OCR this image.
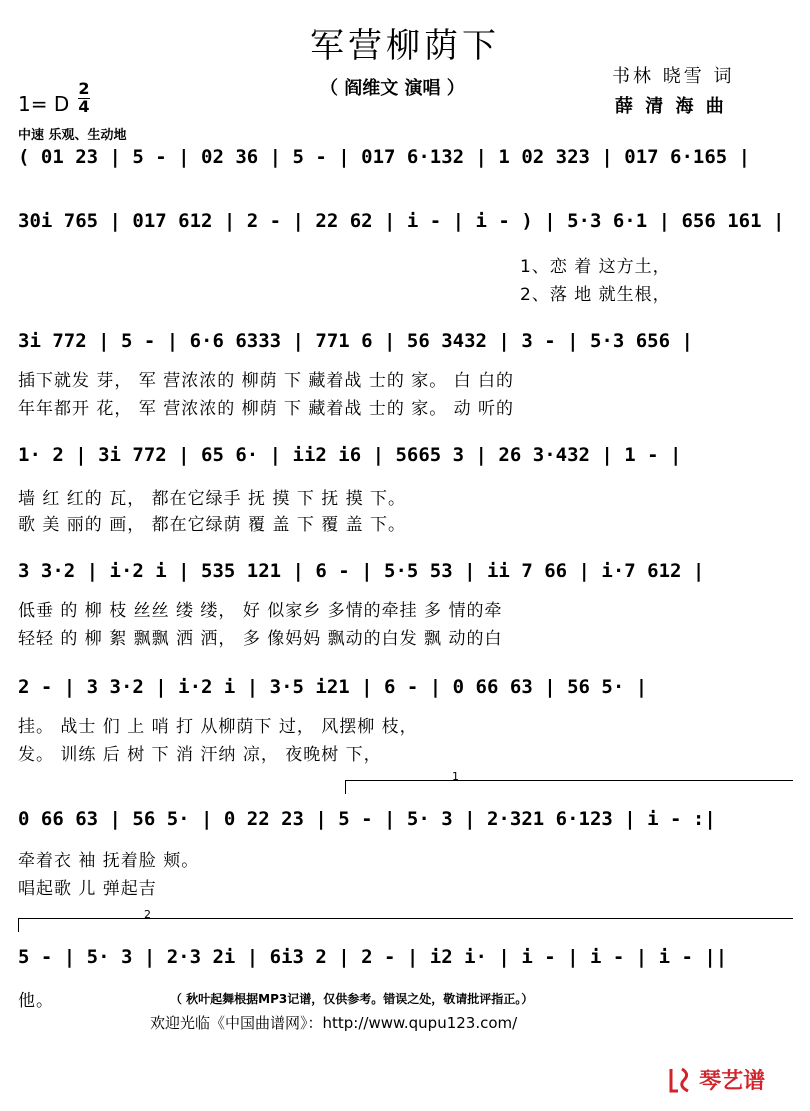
军营柳荫下
（ 阎维文 演唱 ）
书林 晓雪 词
薛 清 海 曲
1= D
2
4
中速 乐观、生动地
( 01 23 | 5 - | 02 36 | 5 - | 017 6·132 | 1 02 323 | 017 6·165 |
30i 765 | 017 612 | 2 - | 22 62 | i - | i - ) | 5·3 6·1 | 656 161 |
1、恋 着 这方土，
2、落 地 就生根，
3i 772 | 5 - | 6·6 6333 | 771 6 | 56 3432 | 3 - | 5·3 656 |
插下就发 芽， 军 营浓浓的 柳荫 下 藏着战 士的 家。 白 白的
年年都开 花， 军 营浓浓的 柳荫 下 藏着战 士的 家。 动 听的
1· 2 | 3i 772 | 65 6· | ii2 i6 | 5665 3 | 26 3·432 | 1 - |
墙 红 红的 瓦， 都在它绿手 抚 摸 下 抚 摸 下。
歌 美 丽的 画， 都在它绿荫 覆 盖 下 覆 盖 下。
3 3·2 | i·2 i | 535 121 | 6 - | 5·5 53 | ii 7 66 | i·7 612 |
低垂 的 柳 枝 丝丝 缕 缕， 好 似家乡 多情的牵挂 多 情的牵
轻轻 的 柳 絮 飘飘 洒 洒， 多 像妈妈 飘动的白发 飘 动的白
2 - | 3 3·2 | i·2 i | 3·5 i21 | 6 - | 0 66 63 | 56 5· |
挂。 战士 们 上 哨 打 从柳荫下 过， 风摆柳 枝，
发。 训练 后 树 下 消 汗纳 凉， 夜晚树 下，
1
0 66 63 | 56 5· | 0 22 23 | 5 - | 5· 3 | 2·321 6·123 | i - :|
牵着衣 袖 抚着脸 颊。
唱起歌 儿 弹起吉
2
5 - | 5· 3 | 2·3 2i | 6i3 2 | 2 - | i2 i· | i - | i - | i - ||
他。	（ 秋叶起舞根据MP3记谱，仅供参考。错误之处，敬请批评指正。）
欢迎光临《中国曲谱网》：http://www.qupu123.com/
琴艺谱
